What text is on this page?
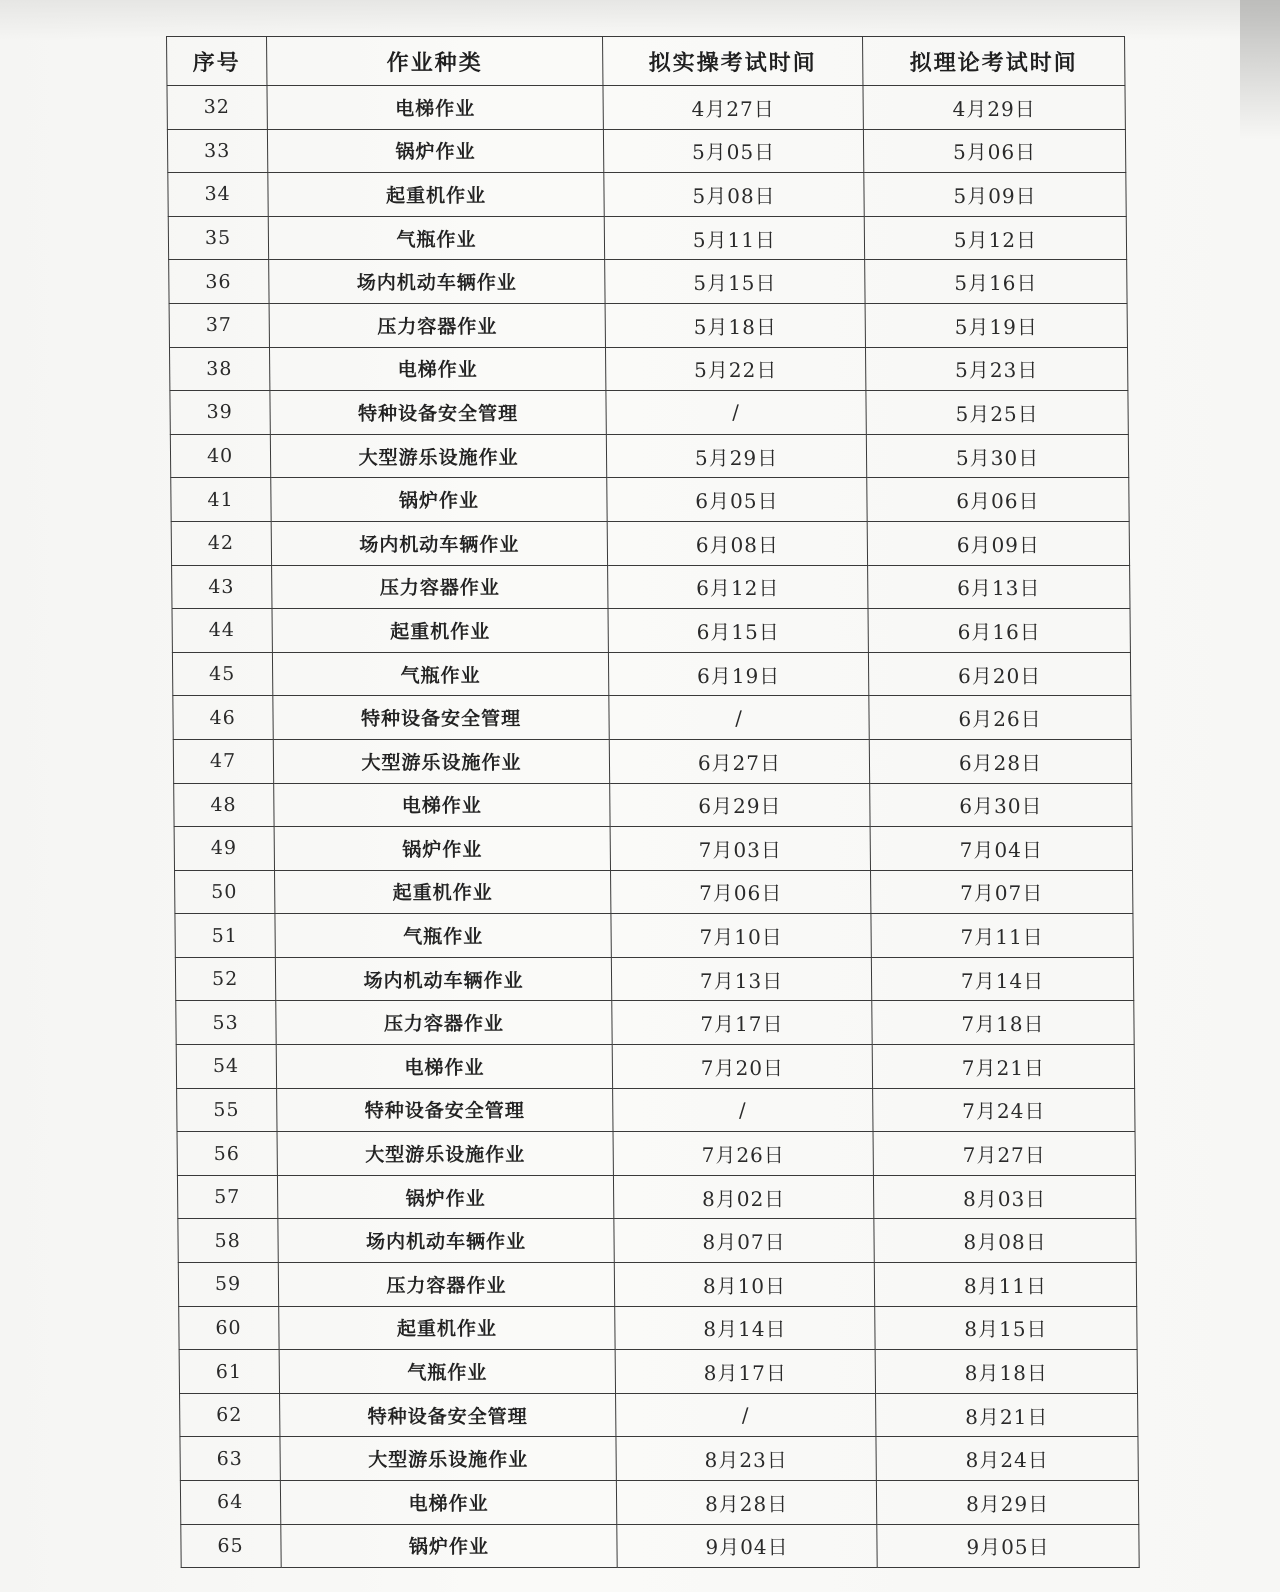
序号	作业种类	拟实操考试时间	拟理论考试时间
32	电梯作业	4月27日	4月29日
33	锅炉作业	5月05日	5月06日
34	起重机作业	5月08日	5月09日
35	气瓶作业	5月11日	5月12日
36	场内机动车辆作业	5月15日	5月16日
37	压力容器作业	5月18日	5月19日
38	电梯作业	5月22日	5月23日
39	特种设备安全管理	/	5月25日
40	大型游乐设施作业	5月29日	5月30日
41	锅炉作业	6月05日	6月06日
42	场内机动车辆作业	6月08日	6月09日
43	压力容器作业	6月12日	6月13日
44	起重机作业	6月15日	6月16日
45	气瓶作业	6月19日	6月20日
46	特种设备安全管理	/	6月26日
47	大型游乐设施作业	6月27日	6月28日
48	电梯作业	6月29日	6月30日
49	锅炉作业	7月03日	7月04日
50	起重机作业	7月06日	7月07日
51	气瓶作业	7月10日	7月11日
52	场内机动车辆作业	7月13日	7月14日
53	压力容器作业	7月17日	7月18日
54	电梯作业	7月20日	7月21日
55	特种设备安全管理	/	7月24日
56	大型游乐设施作业	7月26日	7月27日
57	锅炉作业	8月02日	8月03日
58	场内机动车辆作业	8月07日	8月08日
59	压力容器作业	8月10日	8月11日
60	起重机作业	8月14日	8月15日
61	气瓶作业	8月17日	8月18日
62	特种设备安全管理	/	8月21日
63	大型游乐设施作业	8月23日	8月24日
64	电梯作业	8月28日	8月29日
65	锅炉作业	9月04日	9月05日
